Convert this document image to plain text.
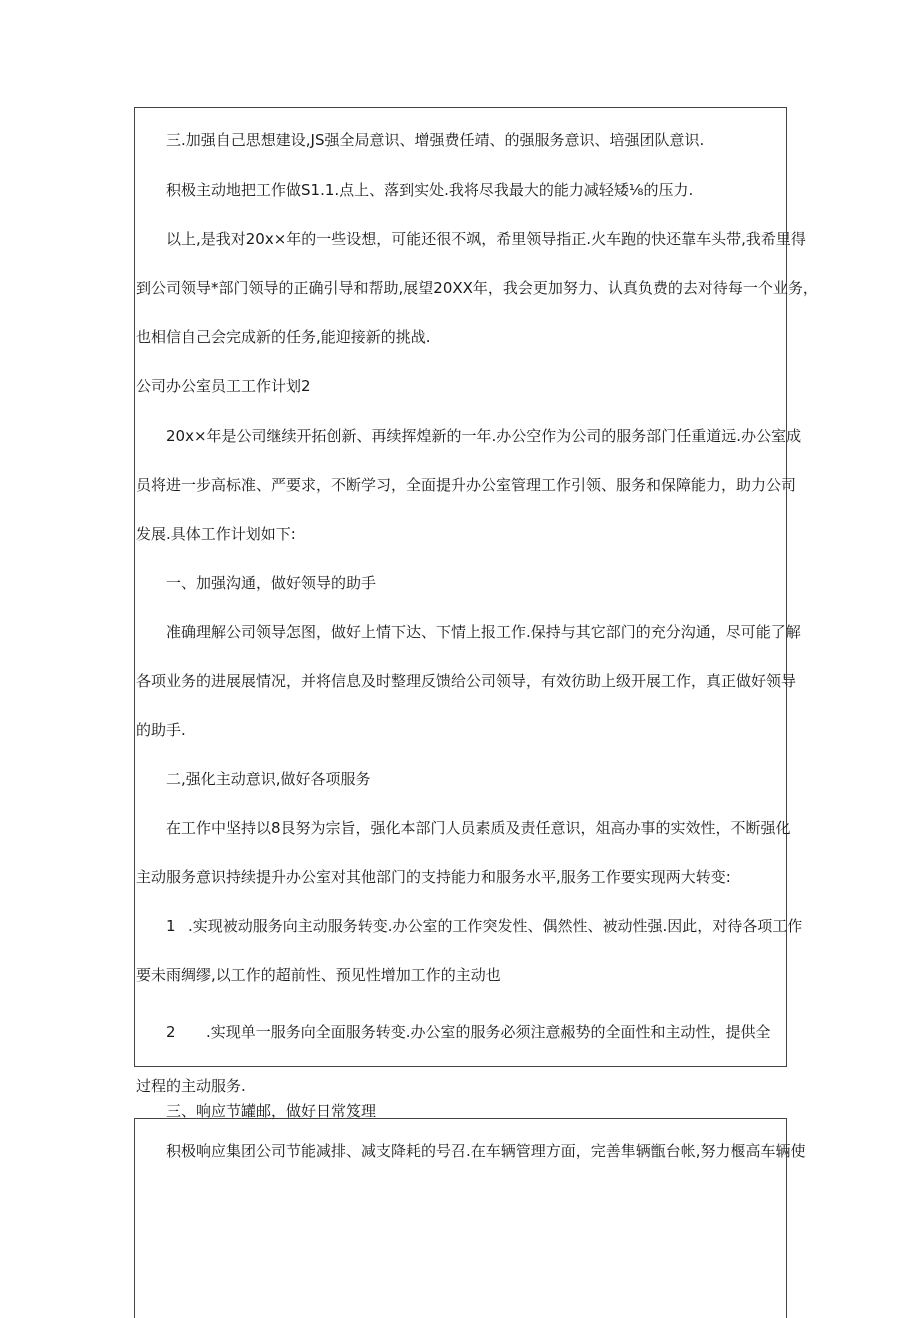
三.加强自己思想建设,JS强全局意识、增强费任靖、的强服务意识、培强团队意识.

积极主动地把工作做S1.1.点上、落到实处.我将尽我最大的能力减轻矮⅛的压力.

以上,是我对20x×年的一些设想，可能还很不飒，希里领导指正.火车跑的快还靠车头带,我希里得

到公司领导*部门领导的正确引导和帮助,展望20XX年，我会更加努力、认真负费的去对待每一个业务，

也相信自己会完成新的任务,能迎接新的挑战.

公司办公室员工工作计划2

20x×年是公司继续开拓创新、再续挥煌新的一年.办公空作为公司的服务部门任重道远.办公室成

员将进一步高标准、严要求，不断学习，全面提升办公室管理工作引领、服务和保障能力，助力公司

发展.具体工作计划如下:

一、加强沟通，做好领导的助手

准确理解公司领导怎图，做好上情下达、下情上报工作.保持与其它部门的充分沟通，尽可能了解

各项业务的进展展情况，并将信息及时整理反馈给公司领导，有效彷助上级开展工作，真正做好领导

的助手.

二,强化主动意识,做好各项服务

在工作中坚持以8艮努为宗旨，强化本部门人员素质及责任意识，俎高办事的实效性，不断强化

主动服务意识持续提升办公室对其他部门的支持能力和服务水平,服务工作要实现两大转变:

1 .实现被动服务向主动服务转变.办公室的工作突发性、偶然性、被动性强.因此，对待各项工作

要未雨绸缪,以工作的超前性、预见性增加工作的主动也

2 .实现单一服务向全面服务转变.办公室的服务必须注意赧势的全面性和主动性，提供全

过程的主动服务.

三、响应节罐邮，做好日常笈理

积极响应集团公司节能减排、减支降耗的号召.在车辆管理方面，完善隼辆甑台帐,努力椻高车辆使
